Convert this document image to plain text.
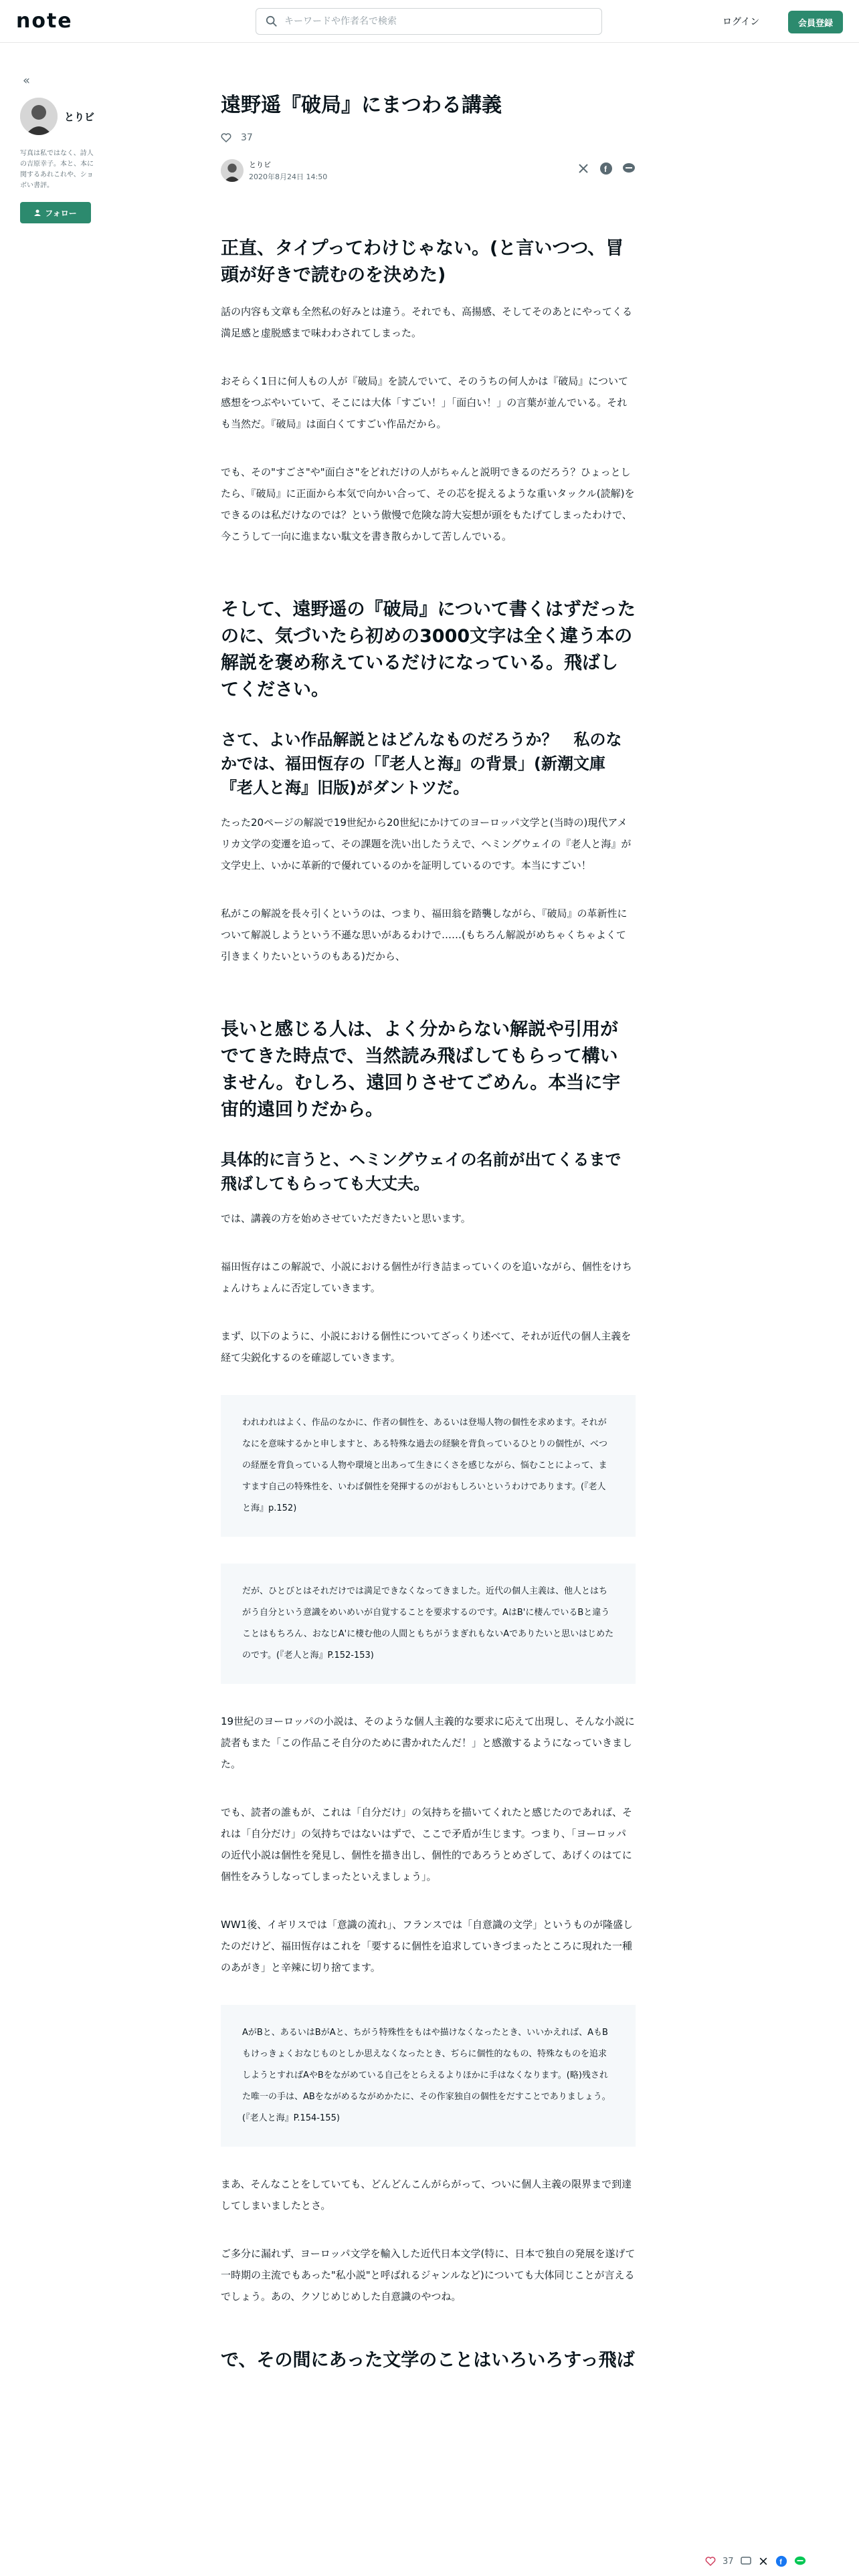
note
キーワードや作者名で検索	ログイン	会員登録
«
とりビ
写真は私ではなく、詩人の吉原幸子。本と、本に関するあれこれや、ショボい書評。
フォロー
遠野遥『破局』にまつわる講義
37
とりビ
2020年8月24日 14:50
f
正直、タイプってわけじゃない。(と言いつつ、冒頭が好きで読むのを決めた)

話の内容も文章も全然私の好みとは違う。それでも、高揚感、そしてそのあとにやってくる満足感と虚脱感まで味わわされてしまった。

おそらく1日に何人もの人が『破局』を読んでいて、そのうちの何人かは『破局』について感想をつぶやいていて、そこには大体「すごい！」「面白い！」の言葉が並んでいる。それも当然だ。『破局』は面白くてすごい作品だから。

でも、その"すごさ"や"面白さ"をどれだけの人がちゃんと説明できるのだろう？ひょっとしたら、『破局』に正面から本気で向かい合って、その芯を捉えるような重いタックル(読解)をできるのは私だけなのでは？という傲慢で危険な誇大妄想が頭をもたげてしまったわけで、今こうして一向に進まない駄文を書き散らかして苦しんでいる。

そして、遠野遥の『破局』について書くはずだったのに、気づいたら初めの3000文字は全く違う本の解説を褒め称えているだけになっている。飛ばしてください。
さて、よい作品解説とはどんなものだろうか？　私のなかでは、福田恆存の「『老人と海』の背景」(新潮文庫『老人と海』旧版)がダントツだ。

たった20ページの解説で19世紀から20世紀にかけてのヨーロッパ文学と(当時の)現代アメリカ文学の変遷を追って、その課題を洗い出したうえで、ヘミングウェイの『老人と海』が文学史上、いかに革新的で優れているのかを証明しているのです。本当にすごい！

私がこの解説を長々引くというのは、つまり、福田翁を踏襲しながら、『破局』の革新性について解説しようという不遜な思いがあるわけで……(もちろん解説がめちゃくちゃよくて引きまくりたいというのもある)だから、

長いと感じる人は、よく分からない解説や引用がでてきた時点で、当然読み飛ばしてもらって構いません。むしろ、遠回りさせてごめん。本当に宇宙的遠回りだから。
具体的に言うと、ヘミングウェイの名前が出てくるまで飛ばしてもらっても大丈夫。

では、講義の方を始めさせていただきたいと思います。

福田恆存はこの解説で、小説における個性が行き詰まっていくのを追いながら、個性をけちょんけちょんに否定していきます。

まず、以下のように、小説における個性についてざっくり述べて、それが近代の個人主義を経て尖鋭化するのを確認していきます。

われわれはよく、作品のなかに、作者の個性を、あるいは登場人物の個性を求めます。それがなにを意味するかと申しますと、ある特殊な過去の経験を背負っているひとりの個性が、べつの経歴を背負っている人物や環境と出あって生きにくさを感じながら、悩むことによって、ますます自己の特殊性を、いわば個性を発揮するのがおもしろいというわけであります。(『老人と海』p.152)
だが、ひとびとはそれだけでは満足できなくなってきました。近代の個人主義は、他人とはちがう自分という意識をめいめいが自覚することを要求するのです。AはB'に棲んでいるBと違うことはもちろん、おなじA'に棲む他の人間ともちがうまぎれもないAでありたいと思いはじめたのです。(『老人と海』P.152-153)

19世紀のヨーロッパの小説は、そのような個人主義的な要求に応えて出現し、そんな小説に読者もまた「この作品こそ自分のために書かれたんだ！」と感激するようになっていきました。

でも、読者の誰もが、これは「自分だけ」の気持ちを描いてくれたと感じたのであれば、それは「自分だけ」の気持ちではないはずで、ここで矛盾が生じます。つまり、「ヨーロッパの近代小説は個性を発見し、個性を描き出し、個性的であろうとめざして、あげくのはてに個性をみうしなってしまったといえましょう」。

WW1後、イギリスでは「意識の流れ」、フランスでは「自意識の文学」というものが隆盛したのだけど、福田恆存はこれを「要するに個性を追求していきづまったところに現れた一種のあがき」と辛辣に切り捨てます。

AがBと、あるいはBがAと、ちがう特殊性をもはや描けなくなったとき、いいかえれば、AもBもけっきょくおなじものとしか思えなくなったとき、ぢらに個性的なもの、特殊なものを追求しようとすればAやBをながめている自己をとらえるよりほかに手はなくなります。(略)残された唯一の手は、ABをながめるながめかたに、その作家独自の個性をだすことでありましょう。(『老人と海』P.154-155)

まあ、そんなことをしていても、どんどんこんがらがって、ついに個人主義の限界まで到達してしまいましたとさ。

ご多分に漏れず、ヨーロッパ文学を輸入した近代日本文学(特に、日本で独自の発展を遂げて一時期の主流でもあった"私小説"と呼ばれるジャンルなど)についても大体同じことが言えるでしょう。あの、クソじめじめした自意識のやつね。

で、その間にあった文学のことはいろいろすっ飛ば
37	f
